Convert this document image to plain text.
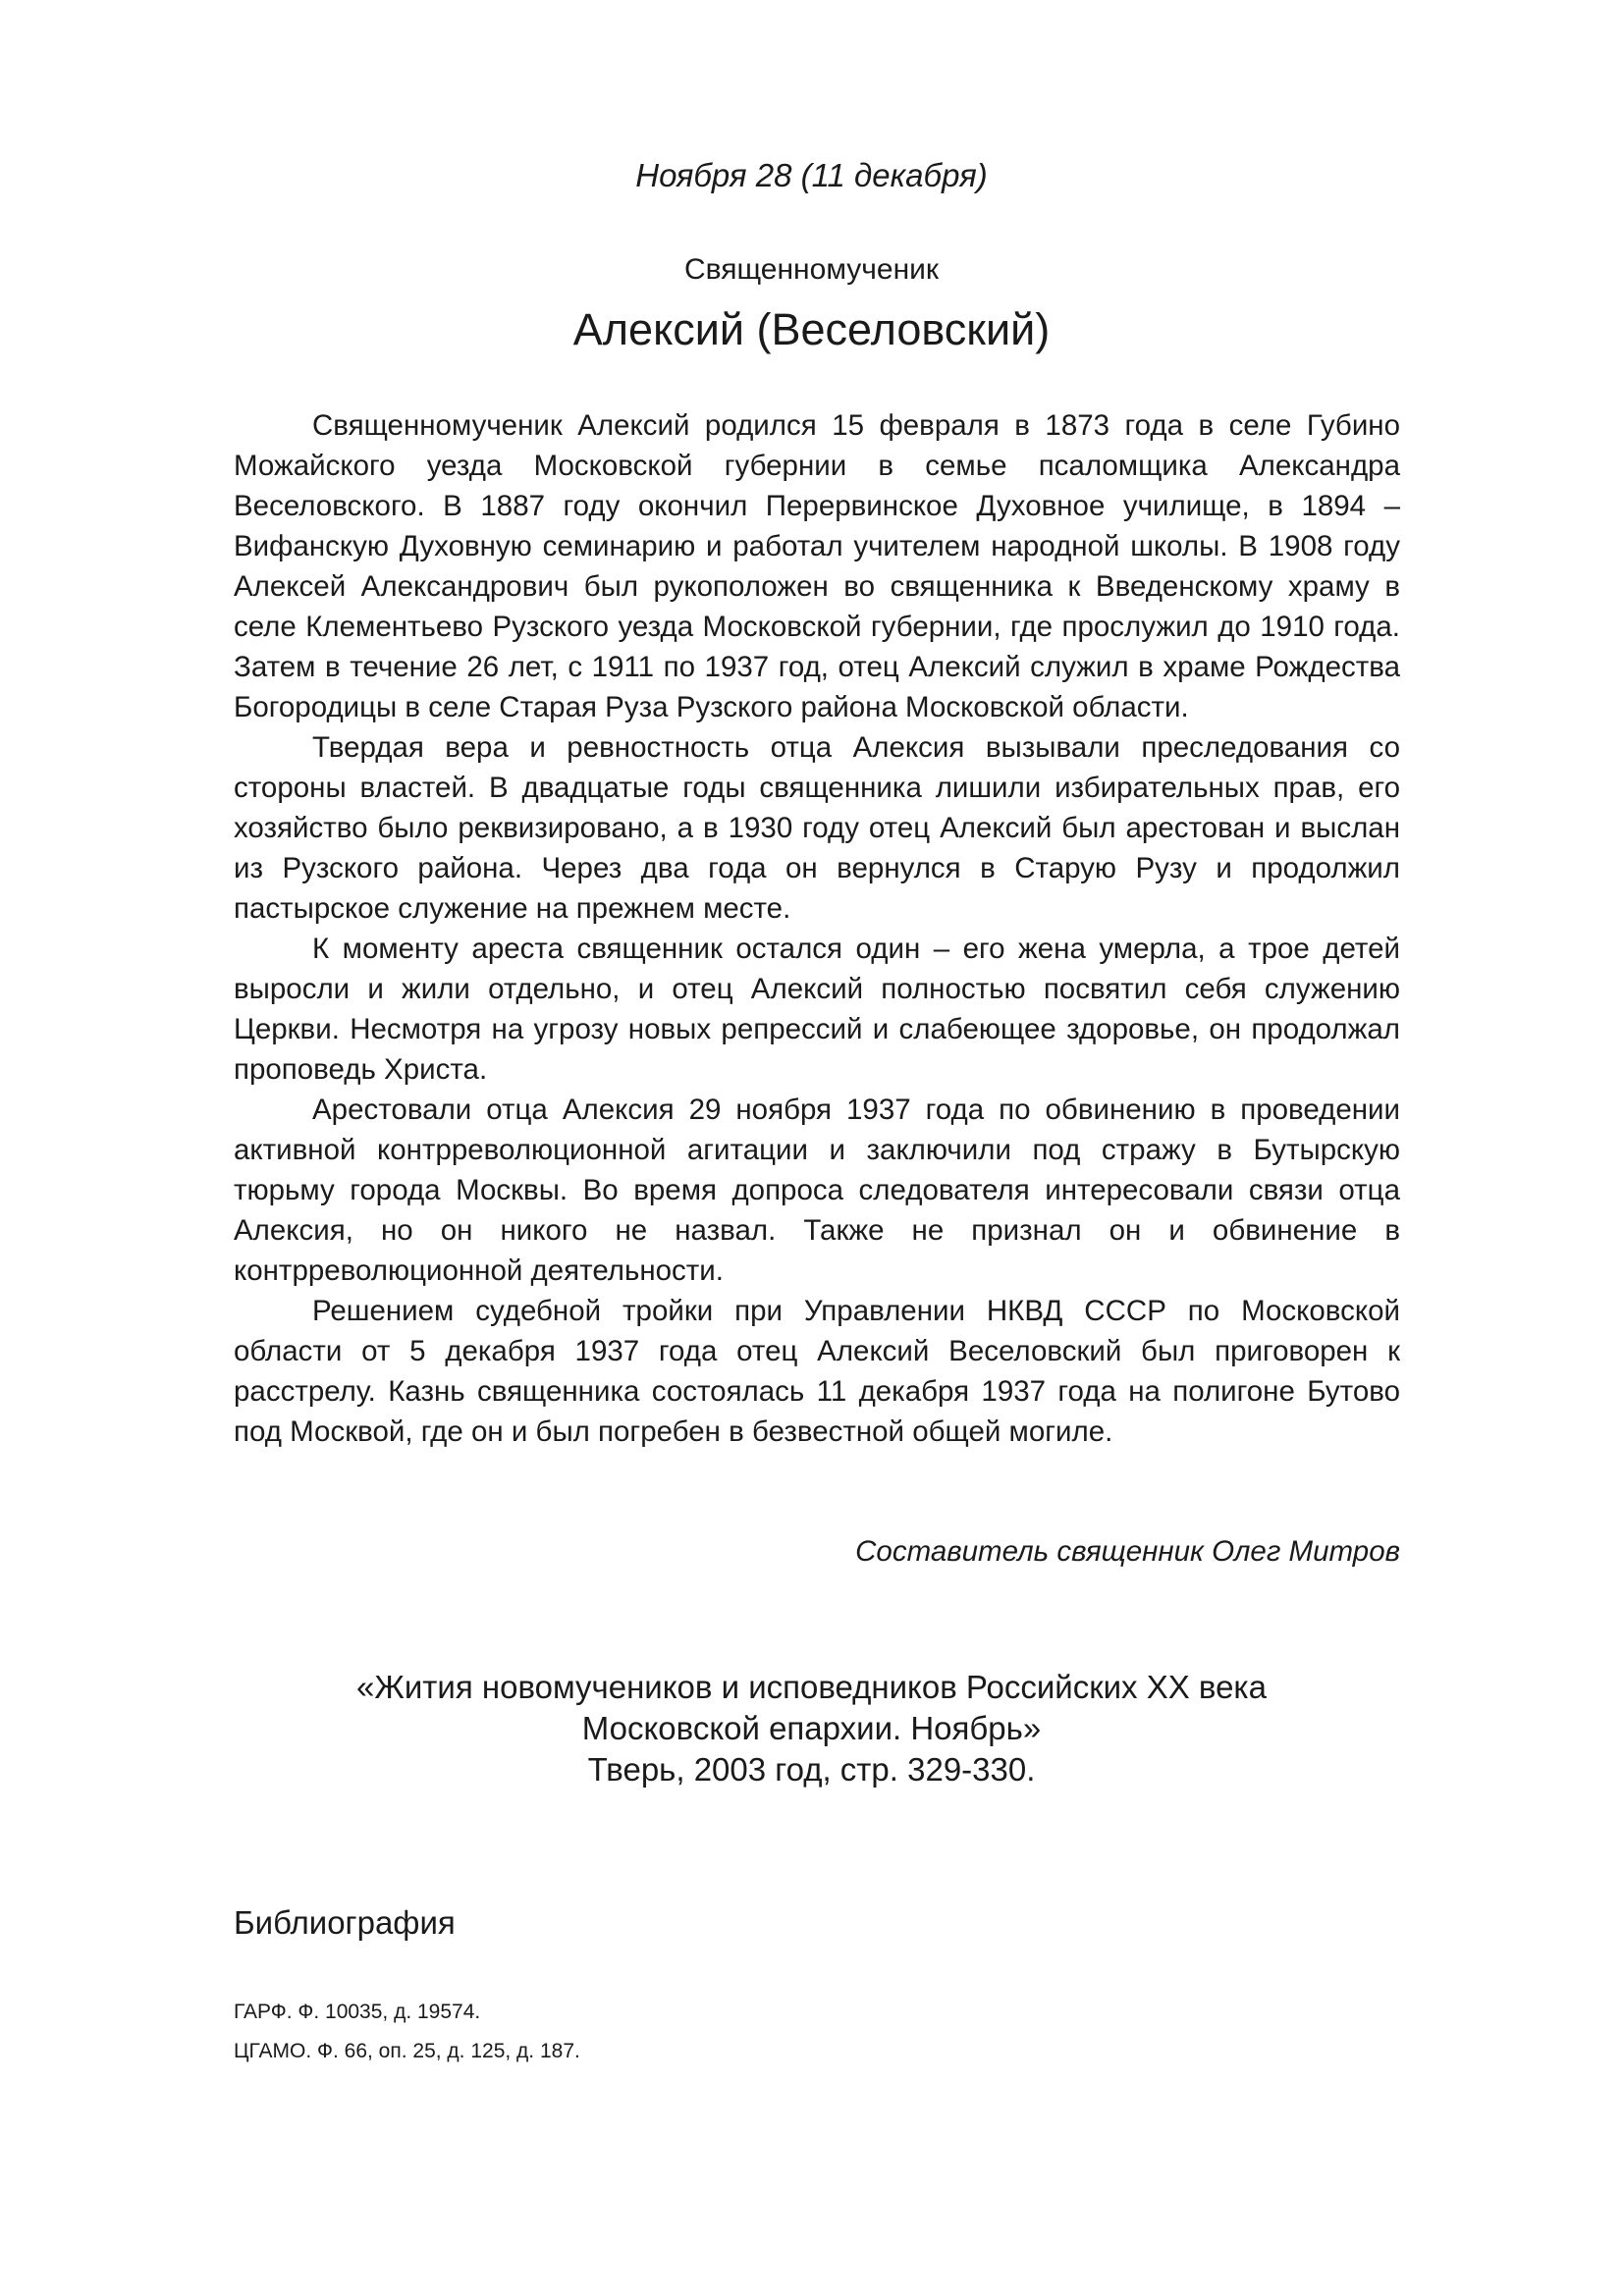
Ноября 28 (11 декабря)
Священномученик
Алексий (Веселовский)

Священномученик Алексий родился 15 февраля в 1873 года в селе Губино Можайского уезда Московской губернии в семье псаломщика Александра Веселовского. В 1887 году окончил Перервинское Духовное училище, в 1894 – Вифанскую Духовную семинарию и работал учителем народной школы. В 1908 году Алексей Александрович был рукоположен во священника к Введенскому храму в селе Клементьево Рузского уезда Московской губернии, где прослужил до 1910 года. Затем в течение 26 лет, с 1911 по 1937 год, отец Алексий служил в храме Рождества Богородицы в селе Старая Руза Рузского района Московской области.

Твердая вера и ревностность отца Алексия вызывали преследования со стороны властей. В двадцатые годы священника лишили избирательных прав, его хозяйство было реквизировано, а в 1930 году отец Алексий был арестован и выслан из Рузского района. Через два года он вернулся в Старую Рузу и продолжил пастырское служение на прежнем месте.

К моменту ареста священник остался один – его жена умерла, а трое детей выросли и жили отдельно, и отец Алексий полностью посвятил себя служению Церкви. Несмотря на угрозу новых репрессий и слабеющее здоровье, он продолжал проповедь Христа.

Арестовали отца Алексия 29 ноября 1937 года по обвинению в проведении активной контрреволюционной агитации и заключили под стражу в Бутырскую тюрьму города Москвы. Во время допроса следователя интересовали связи отца Алексия, но он никого не назвал. Также не признал он и обвинение в контрреволюционной деятельности.

Решением судебной тройки при Управлении НКВД СССР по Московской области от 5 декабря 1937 года отец Алексий Веселовский был приговорен к расстрелу. Казнь священника состоялась 11 декабря 1937 года на полигоне Бутово под Москвой, где он и был погребен в безвестной общей могиле.

Составитель священник Олег Митров
«Жития новомучеников и исповедников Российских ХХ века
Московской епархии. Ноябрь»
Тверь, 2003 год, стр. 329-330.
Библиография
ГАРФ. Ф. 10035, д. 19574.
ЦГАМО. Ф. 66, оп. 25, д. 125, д. 187.
